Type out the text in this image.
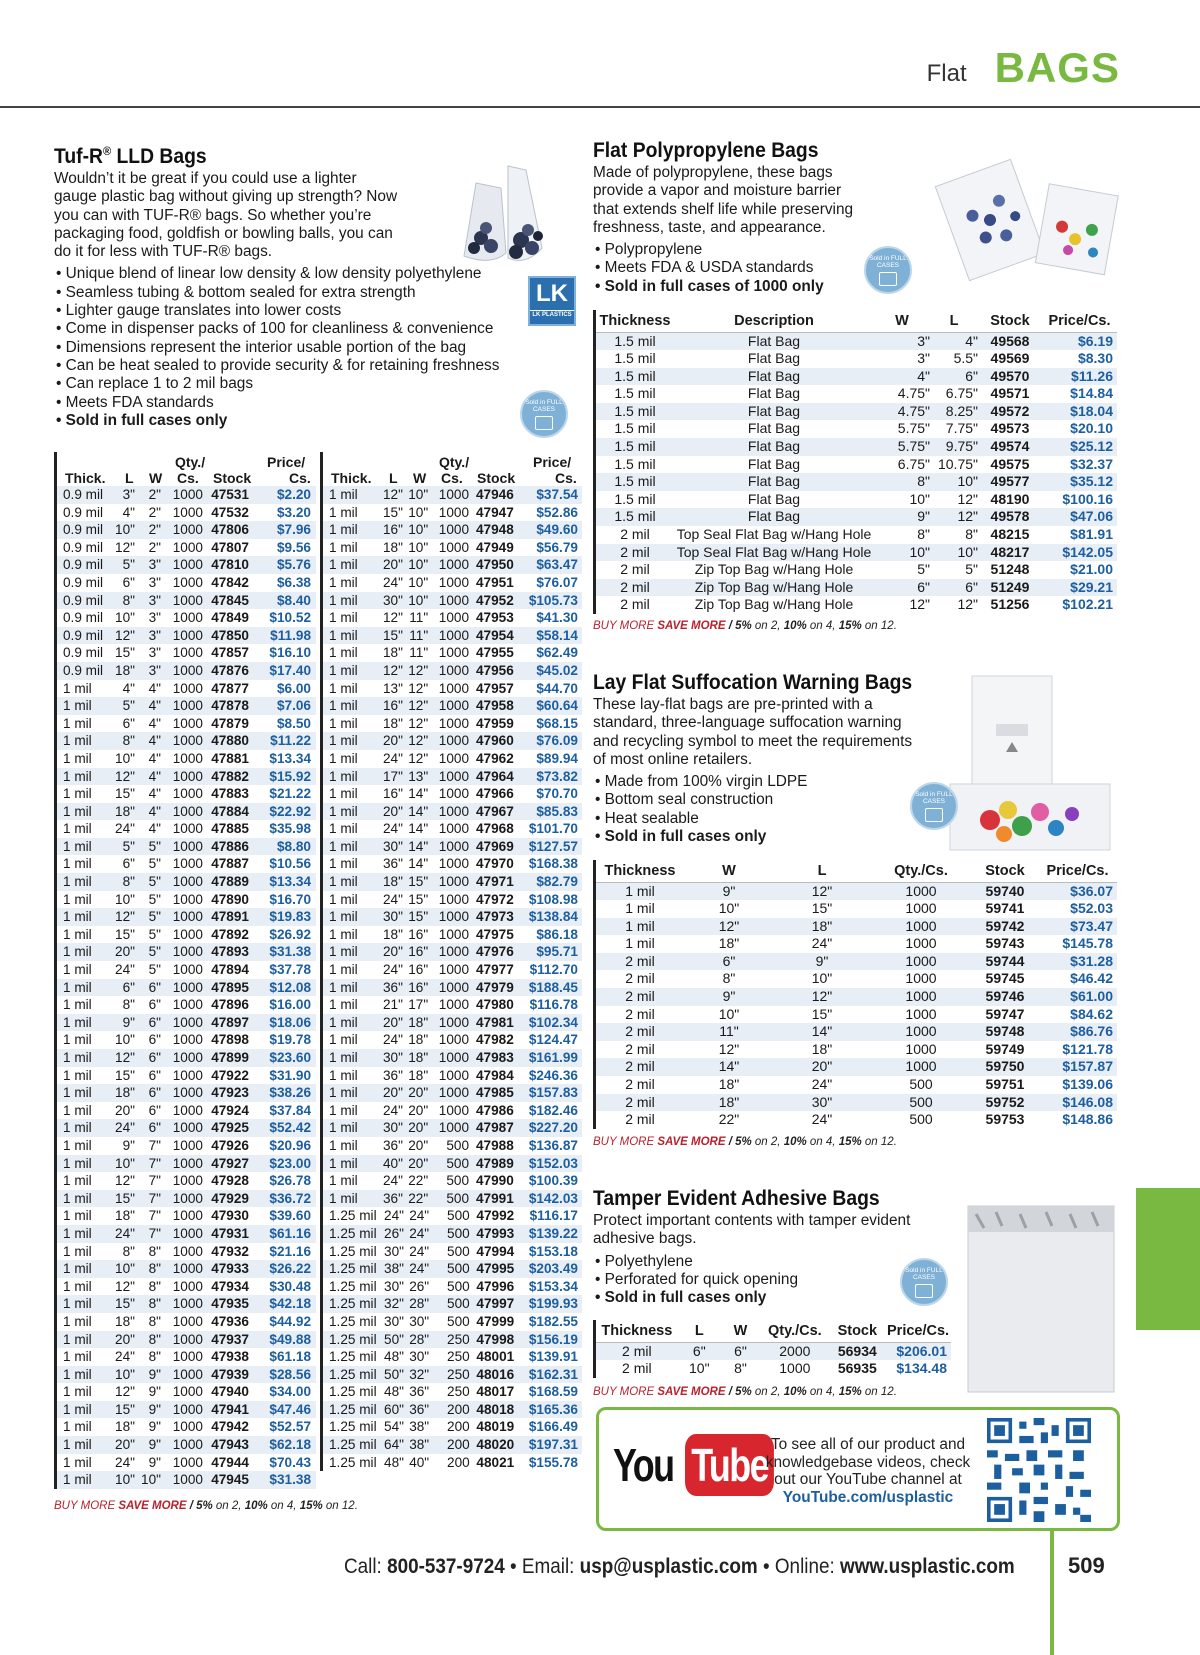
Flat BAGS
Tuf-R® LLD Bags

Wouldn’t it be great if you could use a lighter
gauge plastic bag without giving up strength? Now
you can with TUF-R® bags. So whether you’re
packaging food, goldfish or bowling balls, you can
do it for less with TUF-R® bags.

• Unique blend of linear low density & low density polyethylene
• Seamless tubing & bottom sealed for extra strength
• Lighter gauge translates into lower costs
• Come in dispenser packs of 100 for cleanliness & convenience
• Dimensions represent the interior usable portion of the bag
• Can be heat sealed to provide security & for retaining freshness
• Can replace 1 to 2 mil bags
• Meets FDA standards
• Sold in full cases only
LK
LK PLASTICS
Sold in FULL CASES
Qty./	Price/
Thick. L W Cs. Stock	Cs.
0.9 mil	3"	2" 1000 47531	$2.20
0.9 mil	4"	2" 1000 47532	$3.20
0.9 mil 10"	2" 1000 47806	$7.96
0.9 mil 12"	2" 1000 47807	$9.56
0.9 mil	5"	3" 1000 47810	$5.76
0.9 mil	6"	3" 1000 47842	$6.38
0.9 mil	8"	3" 1000 47845	$8.40
0.9 mil 10"	3" 1000 47849	$10.52
0.9 mil 12"	3" 1000 47850	$11.98
0.9 mil 15"	3" 1000 47857	$16.10
0.9 mil 18"	3" 1000 47876	$17.40
1 mil	4"	4" 1000 47877	$6.00
1 mil	5"	4" 1000 47878	$7.06
1 mil	6"	4" 1000 47879	$8.50
1 mil	8"	4" 1000 47880	$11.22
1 mil	10"	4" 1000 47881	$13.34
1 mil	12"	4" 1000 47882	$15.92
1 mil	15"	4" 1000 47883	$21.22
1 mil	18"	4" 1000 47884	$22.92
1 mil	24"	4" 1000 47885	$35.98
1 mil	5"	5" 1000 47886	$8.80
1 mil	6"	5" 1000 47887	$10.56
1 mil	8"	5" 1000 47889	$13.34
1 mil	10"	5" 1000 47890	$16.70
1 mil	12"	5" 1000 47891	$19.83
1 mil	15"	5" 1000 47892	$26.92
1 mil	20"	5" 1000 47893	$31.38
1 mil	24"	5" 1000 47894	$37.78
1 mil	6"	6" 1000 47895	$12.08
1 mil	8"	6" 1000 47896	$16.00
1 mil	9"	6" 1000 47897	$18.06
1 mil	10"	6" 1000 47898	$19.78
1 mil	12"	6" 1000 47899	$23.60
1 mil	15"	6" 1000 47922	$31.90
1 mil	18"	6" 1000 47923	$38.26
1 mil	20"	6" 1000 47924	$37.84
1 mil	24"	6" 1000 47925	$52.42
1 mil	9"	7" 1000 47926	$20.96
1 mil	10"	7" 1000 47927	$23.00
1 mil	12"	7" 1000 47928	$26.78
1 mil	15"	7" 1000 47929	$36.72
1 mil	18"	7" 1000 47930	$39.60
1 mil	24"	7" 1000 47931	$61.16
1 mil	8"	8" 1000 47932	$21.16
1 mil	10"	8" 1000 47933	$26.22
1 mil	12"	8" 1000 47934	$30.48
1 mil	15"	8" 1000 47935	$42.18
1 mil	18"	8" 1000 47936	$44.92
1 mil	20"	8" 1000 47937	$49.88
1 mil	24"	8" 1000 47938	$61.18
1 mil	10"	9" 1000 47939	$28.56
1 mil	12"	9" 1000 47940	$34.00
1 mil	15"	9" 1000 47941	$47.46
1 mil	18"	9" 1000 47942	$52.57
1 mil	20"	9" 1000 47943	$62.18
1 mil	24"	9" 1000 47944	$70.43
1 mil	10" 10" 1000 47945	$31.38
Qty./	Price/
Thick. L W Cs. Stock	Cs.
1 mil	12" 10" 1000 47946	$37.54
1 mil	15" 10" 1000 47947	$52.86
1 mil	16" 10" 1000 47948	$49.60
1 mil	18" 10" 1000 47949	$56.79
1 mil	20" 10" 1000 47950	$63.47
1 mil	24" 10" 1000 47951	$76.07
1 mil	30" 10" 1000 47952	$105.73
1 mil	12" 11" 1000 47953	$41.30
1 mil	15" 11" 1000 47954	$58.14
1 mil	18" 11" 1000 47955	$62.49
1 mil	12" 12" 1000 47956	$45.02
1 mil	13" 12" 1000 47957	$44.70
1 mil	16" 12" 1000 47958	$60.64
1 mil	18" 12" 1000 47959	$68.15
1 mil	20" 12" 1000 47960	$76.09
1 mil	24" 12" 1000 47962	$89.94
1 mil	17" 13" 1000 47964	$73.82
1 mil	16" 14" 1000 47966	$70.70
1 mil	20" 14" 1000 47967	$85.83
1 mil	24" 14" 1000 47968	$101.70
1 mil	30" 14" 1000 47969	$127.57
1 mil	36" 14" 1000 47970	$168.38
1 mil	18" 15" 1000 47971	$82.79
1 mil	24" 15" 1000 47972	$108.98
1 mil	30" 15" 1000 47973	$138.84
1 mil	18" 16" 1000 47975	$86.18
1 mil	20" 16" 1000 47976	$95.71
1 mil	24" 16" 1000 47977	$112.70
1 mil	36" 16" 1000 47979	$188.45
1 mil	21" 17" 1000 47980	$116.78
1 mil	20" 18" 1000 47981	$102.34
1 mil	24" 18" 1000 47982	$124.47
1 mil	30" 18" 1000 47983	$161.99
1 mil	36" 18" 1000 47984	$246.36
1 mil	20" 20" 1000 47985	$157.83
1 mil	24" 20" 1000 47986	$182.46
1 mil	30" 20" 1000 47987	$227.20
1 mil	36" 20"	500 47988	$136.87
1 mil	40" 20"	500 47989	$152.03
1 mil	24" 22"	500 47990	$100.39
1 mil	36" 22"	500 47991	$142.03
1.25 mil 24" 24"	500 47992	$116.17
1.25 mil 26" 24"	500 47993	$139.22
1.25 mil 30" 24"	500 47994	$153.18
1.25 mil 38" 24"	500 47995	$203.49
1.25 mil 30" 26"	500 47996	$153.34
1.25 mil 32" 28"	500 47997	$199.93
1.25 mil 30" 30"	500 47999	$182.55
1.25 mil 50" 28"	250 47998	$156.19
1.25 mil 48" 30"	250 48001	$139.91
1.25 mil 50" 32"	250 48016	$162.31
1.25 mil 48" 36"	250 48017	$168.59
1.25 mil 60" 36"	200 48018	$165.36
1.25 mil 54" 38"	200 48019	$166.49
1.25 mil 64" 38"	200 48020	$197.31
1.25 mil 48" 40"	200 48021	$155.78
BUY MORE SAVE MORE / 5% on 2, 10% on 4, 15% on 12.
Flat Polypropylene Bags

Made of polypropylene, these bags
provide a vapor and moisture barrier
that extends shelf life while preserving
freshness, taste, and appearance.

• Polypropylene
• Meets FDA & USDA standards
• Sold in full cases of 1000 only
Sold in FULL CASES
Thickness	Description	W	L	Stock	Price/Cs.
1.5 mil	Flat Bag	3"	4"	49568	$6.19
1.5 mil	Flat Bag	3"	5.5"	49569	$8.30
1.5 mil	Flat Bag	4"	6"	49570	$11.26
1.5 mil	Flat Bag	4.75"	6.75"	49571	$14.84
1.5 mil	Flat Bag	4.75"	8.25"	49572	$18.04
1.5 mil	Flat Bag	5.75"	7.75"	49573	$20.10
1.5 mil	Flat Bag	5.75"	9.75"	49574	$25.12
1.5 mil	Flat Bag	6.75"	10.75"	49575	$32.37
1.5 mil	Flat Bag	8"	10"	49577	$35.12
1.5 mil	Flat Bag	10"	12"	48190	$100.16
1.5 mil	Flat Bag	9"	12"	49578	$47.06
2 mil	Top Seal Flat Bag w/Hang Hole	8"	8"	48215	$81.91
2 mil	Top Seal Flat Bag w/Hang Hole	10"	10"	48217	$142.05
2 mil	Zip Top Bag w/Hang Hole	5"	5"	51248	$21.00
2 mil	Zip Top Bag w/Hang Hole	6"	6"	51249	$29.21
2 mil	Zip Top Bag w/Hang Hole	12"	12"	51256	$102.21
BUY MORE SAVE MORE / 5% on 2, 10% on 4, 15% on 12.
Lay Flat Suffocation Warning Bags

These lay-flat bags are pre-printed with a
standard, three-language suffocation warning
and recycling symbol to meet the requirements
of most online retailers.

• Made from 100% virgin LDPE
• Bottom seal construction
• Heat sealable
• Sold in full cases only
Sold in FULL CASES
Thickness	W	L	Qty./Cs.	Stock	Price/Cs.
1 mil	9"	12"	1000	59740	$36.07
1 mil	10"	15"	1000	59741	$52.03
1 mil	12"	18"	1000	59742	$73.47
1 mil	18"	24"	1000	59743	$145.78
2 mil	6"	9"	1000	59744	$31.28
2 mil	8"	10"	1000	59745	$46.42
2 mil	9"	12"	1000	59746	$61.00
2 mil	10"	15"	1000	59747	$84.62
2 mil	11"	14"	1000	59748	$86.76
2 mil	12"	18"	1000	59749	$121.78
2 mil	14"	20"	1000	59750	$157.87
2 mil	18"	24"	500	59751	$139.06
2 mil	18"	30"	500	59752	$146.08
2 mil	22"	24"	500	59753	$148.86
BUY MORE SAVE MORE / 5% on 2, 10% on 4, 15% on 12.
Tamper Evident Adhesive Bags

Protect important contents with tamper evident
adhesive bags.

• Polyethylene
• Perforated for quick opening
• Sold in full cases only
Sold in FULL CASES
Thickness	L	W	Qty./Cs.	Stock	Price/Cs.
2 mil	6"	6"	2000	56934	$206.01
2 mil	10"	8"	1000	56935	$134.48
BUY MORE SAVE MORE / 5% on 2, 10% on 4, 15% on 12.
You Tube To see all of our product and knowledgebase videos, check out our YouTube channel at
YouTube.com/usplastic
Call: 800-537-9724 • Email: usp@usplastic.com • Online: www.usplastic.com 509
